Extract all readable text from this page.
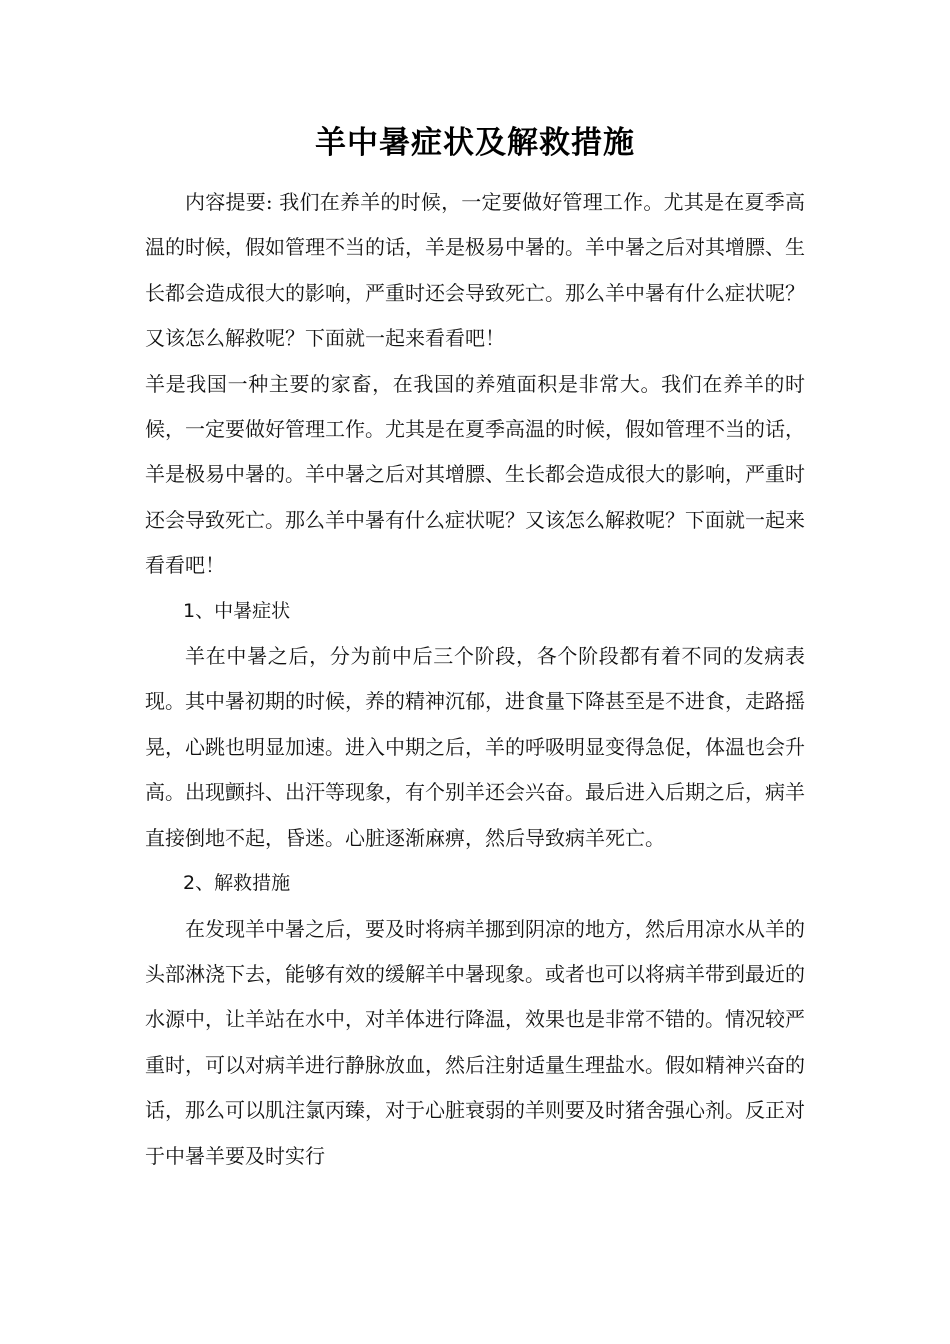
羊中暑症状及解救措施

内容提要: 我们在养羊的时候，一定要做好管理工作。尤其是在夏季高温的时候，假如管理不当的话，羊是极易中暑的。羊中暑之后对其增膘、生长都会造成很大的影响，严重时还会导致死亡。那么羊中暑有什么症状呢？又该怎么解救呢？下面就一起来看看吧！

羊是我国一种主要的家畜，在我国的养殖面积是非常大。我们在养羊的时候，一定要做好管理工作。尤其是在夏季高温的时候，假如管理不当的话，羊是极易中暑的。羊中暑之后对其增膘、生长都会造成很大的影响，严重时还会导致死亡。那么羊中暑有什么症状呢？又该怎么解救呢？下面就一起来看看吧！

1、中暑症状

羊在中暑之后，分为前中后三个阶段，各个阶段都有着不同的发病表现。其中暑初期的时候，养的精神沉郁，进食量下降甚至是不进食，走路摇晃，心跳也明显加速。进入中期之后，羊的呼吸明显变得急促，体温也会升高。出现颤抖、出汗等现象，有个别羊还会兴奋。最后进入后期之后，病羊直接倒地不起，昏迷。心脏逐渐麻痹，然后导致病羊死亡。

2、解救措施

在发现羊中暑之后，要及时将病羊挪到阴凉的地方，然后用凉水从羊的头部淋浇下去，能够有效的缓解羊中暑现象。或者也可以将病羊带到最近的水源中，让羊站在水中，对羊体进行降温，效果也是非常不错的。情况较严重时，可以对病羊进行静脉放血，然后注射适量生理盐水。假如精神兴奋的话，那么可以肌注氯丙臻，对于心脏衰弱的羊则要及时猪舍强心剂。反正对于中暑羊要及时实行
